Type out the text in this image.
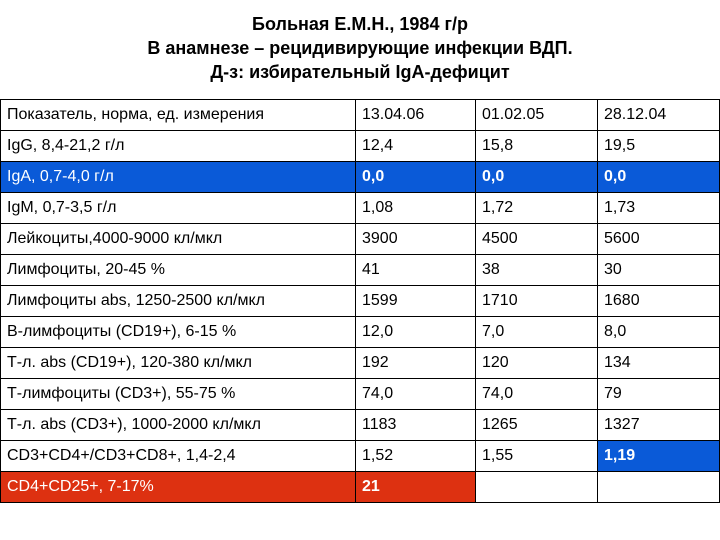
Больная Е.М.Н., 1984 г/р
В анамнезе – рецидивирующие инфекции ВДП.
Д-з: избирательный IgA-дефицит
Показатель, норма, ед. измерения	13.04.06	01.02.05	28.12.04
IgG, 8,4-21,2 г/л	12,4	15,8	19,5
IgA, 0,7-4,0 г/л	0,0	0,0	0,0
IgM, 0,7-3,5 г/л	1,08	1,72	1,73
Лейкоциты,4000-9000 кл/мкл	3900	4500	5600
Лимфоциты, 20-45 %	41	38	30
Лимфоциты abs, 1250-2500 кл/мкл	1599	1710	1680
В-лимфоциты (CD19+), 6-15 %	12,0	7,0	8,0
Т-л. abs (CD19+), 120-380 кл/мкл	192	120	134
Т-лимфоциты (CD3+), 55-75 %	74,0	74,0	79
Т-л. abs (CD3+), 1000-2000 кл/мкл	1183	1265	1327
CD3+CD4+/CD3+CD8+, 1,4-2,4	1,52	1,55	1,19
CD4+CD25+, 7-17%	21		
